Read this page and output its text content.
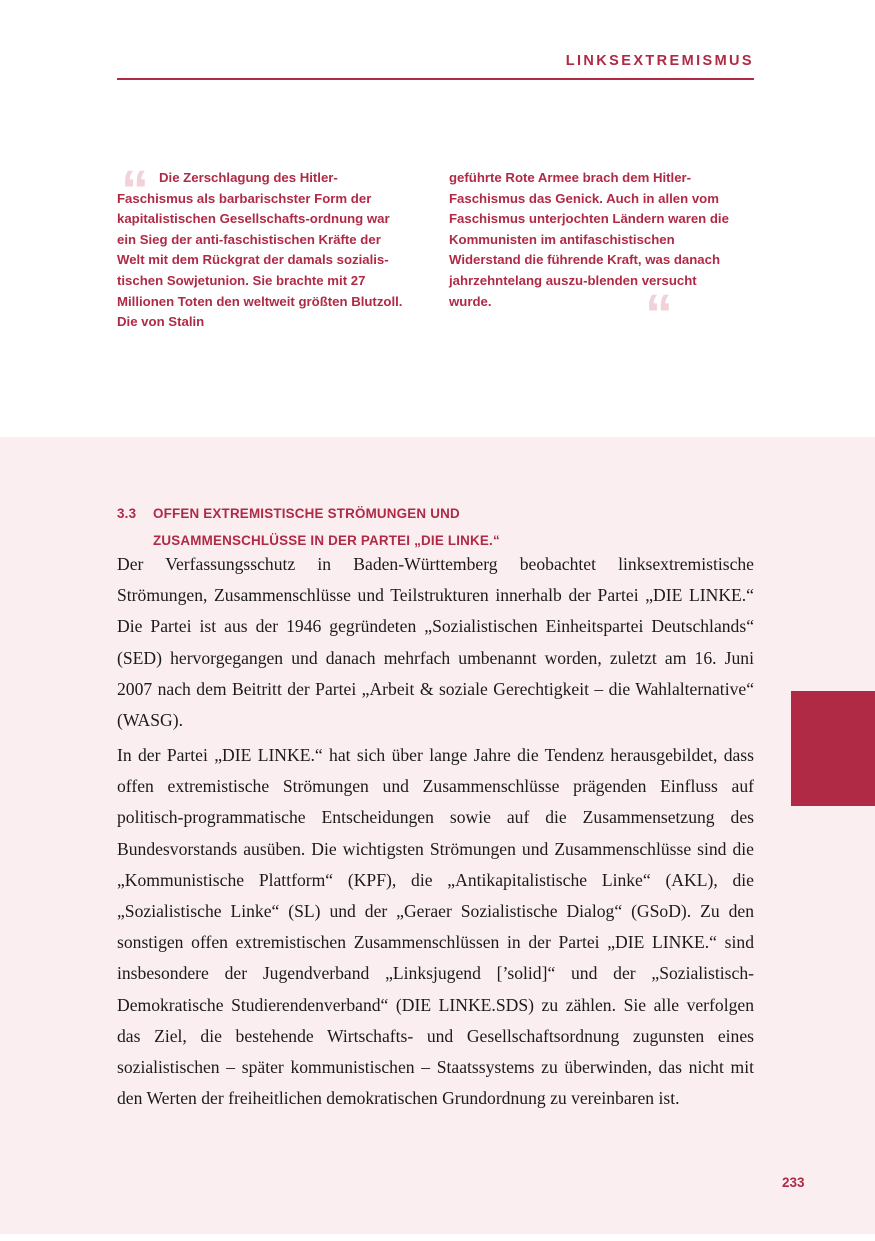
LINKSEXTREMISMUS
“
“
Die Zerschlagung des Hitler-Faschismus als barbarischster Form der kapitalistischen Gesellschafts-ordnung war ein Sieg der anti-faschistischen Kräfte der Welt mit dem Rückgrat der damals sozialis-tischen Sowjetunion. Sie brachte mit 27 Millionen Toten den weltweit größten Blutzoll. Die von Stalin
geführte Rote Armee brach dem Hitler-Faschismus das Genick. Auch in allen vom Faschismus unterjochten Ländern waren die Kommunisten im antifaschistischen Widerstand die führende Kraft, was danach jahrzehntelang auszu-blenden versucht wurde.
3.3 OFFEN EXTREMISTISCHE STRÖMUNGEN UND
ZUSAMMENSCHLÜSSE IN DER PARTEI „DIE LINKE.“
Der Verfassungsschutz in Baden-Württemberg beobachtet linksextremistische Strömungen, Zusammenschlüsse und Teilstrukturen innerhalb der Partei „DIE LINKE.“ Die Partei ist aus der 1946 gegründeten „Sozialistischen Einheitspartei Deutschlands“ (SED) hervorgegangen und danach mehrfach umbenannt worden, zuletzt am 16. Juni 2007 nach dem Beitritt der Partei „Arbeit & soziale Gerechtigkeit – die Wahlalternative“ (WASG).
In der Partei „DIE LINKE.“ hat sich über lange Jahre die Tendenz herausgebildet, dass offen extremistische Strömungen und Zusammenschlüsse prägenden Einfluss auf politisch-programmatische Entscheidungen sowie auf die Zusammensetzung des Bundesvorstands ausüben. Die wichtigsten Strömungen und Zusammenschlüsse sind die „Kommunistische Plattform“ (KPF), die „Antikapitalistische Linke“ (AKL), die „Sozialistische Linke“ (SL) und der „Geraer Sozialistische Dialog“ (GSoD). Zu den sonstigen offen extremistischen Zusammenschlüssen in der Partei „DIE LINKE.“ sind insbesondere der Jugendverband „Linksjugend [’solid]“ und der „Sozialistisch-Demokratische Studierendenverband“ (DIE LINKE.SDS) zu zählen. Sie alle verfolgen das Ziel, die bestehende Wirtschafts- und Gesellschaftsordnung zugunsten eines sozialistischen – später kommunistischen – Staatssystems zu überwinden, das nicht mit den Werten der freiheitlichen demokratischen Grundordnung zu vereinbaren ist.
233
